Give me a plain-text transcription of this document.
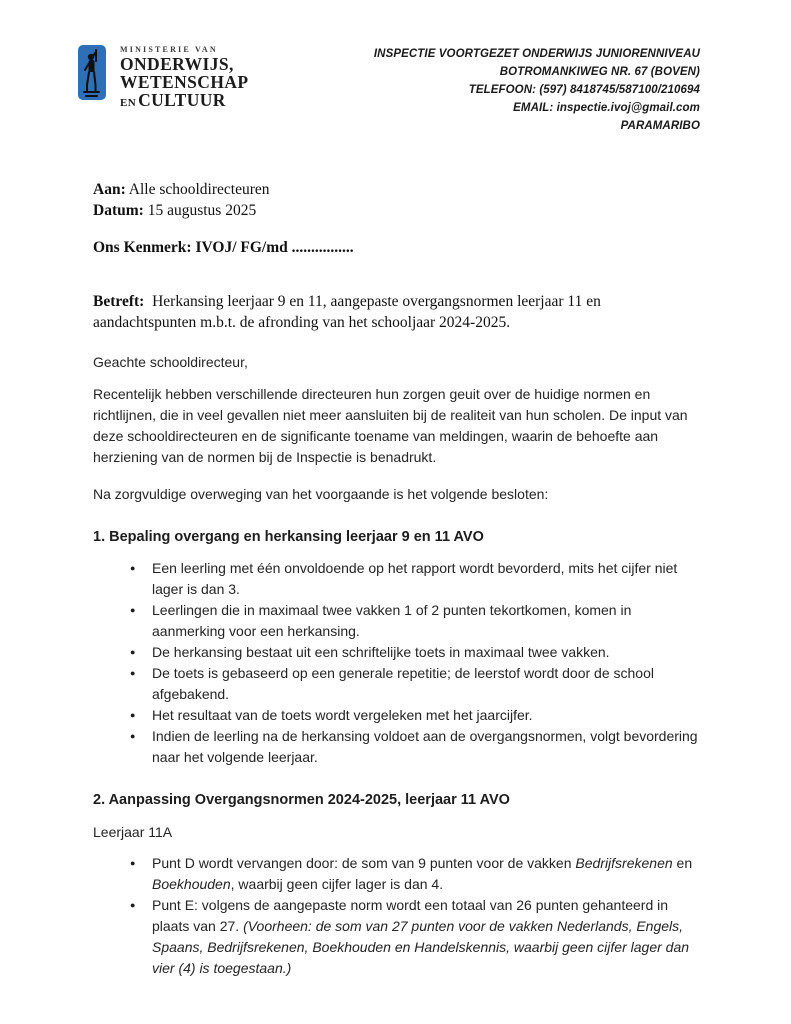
MINISTERIE VAN
ONDERWIJS,
WETENSCHAP
EN CULTUUR
INSPECTIE VOORTGEZET ONDERWIJS JUNIORENNIVEAU
BOTROMANKIWEG NR. 67 (BOVEN)
TELEFOON: (597) 8418745/587100/210694
EMAIL: inspectie.ivoj@gmail.com
PARAMARIBO

Aan: Alle schooldirecteuren

Datum: 15 augustus 2025

Ons Kenmerk: IVOJ/ FG/md ................

Betreft: Herkansing leerjaar 9 en 11, aangepaste overgangsnormen leerjaar 11 en aandachtspunten m.b.t. de afronding van het schooljaar 2024-2025.

Geachte schooldirecteur,

Recentelijk hebben verschillende directeuren hun zorgen geuit over de huidige normen en richtlijnen, die in veel gevallen niet meer aansluiten bij de realiteit van hun scholen. De input van deze schooldirecteuren en de significante toename van meldingen, waarin de behoefte aan herziening van de normen bij de Inspectie is benadrukt.

Na zorgvuldige overweging van het voorgaande is het volgende besloten:

1. Bepaling overgang en herkansing leerjaar 9 en 11 AVO

● Een leerling met één onvoldoende op het rapport wordt bevorderd, mits het cijfer niet lager is dan 3.
● Leerlingen die in maximaal twee vakken 1 of 2 punten tekortkomen, komen in aanmerking voor een herkansing.
● De herkansing bestaat uit een schriftelijke toets in maximaal twee vakken.
● De toets is gebaseerd op een generale repetitie; de leerstof wordt door de school afgebakend.
● Het resultaat van de toets wordt vergeleken met het jaarcijfer.
● Indien de leerling na de herkansing voldoet aan de overgangsnormen, volgt bevordering naar het volgende leerjaar.

2. Aanpassing Overgangsnormen 2024-2025, leerjaar 11 AVO

Leerjaar 11A

● Punt D wordt vervangen door: de som van 9 punten voor de vakken Bedrijfsrekenen en Boekhouden, waarbij geen cijfer lager is dan 4.
● Punt E: volgens de aangepaste norm wordt een totaal van 26 punten gehanteerd in plaats van 27. (Voorheen: de som van 27 punten voor de vakken Nederlands, Engels, Spaans, Bedrijfsrekenen, Boekhouden en Handelskennis, waarbij geen cijfer lager dan vier (4) is toegestaan.)
